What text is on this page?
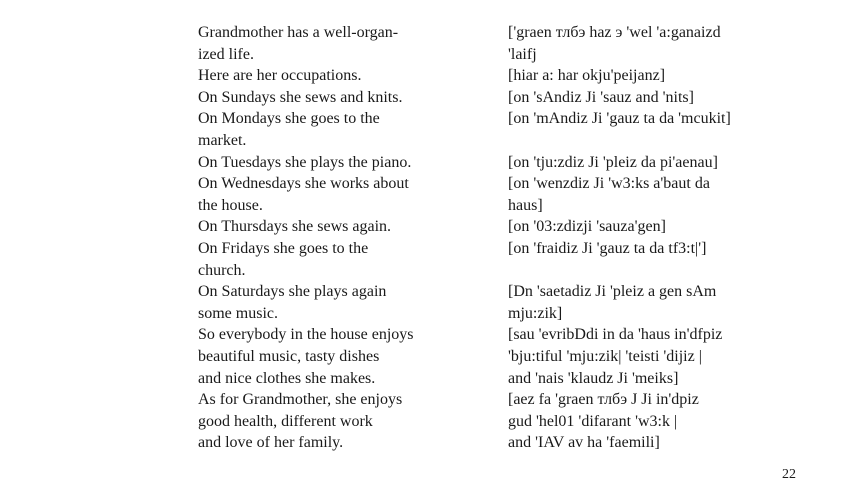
Grandmother has a well-organ-
ized life.
Here are her occupations.
On Sundays she sews and knits.
On Mondays she goes to the
market.
On Tuesdays she plays the piano.
On Wednesdays she works about
the house.
On Thursdays she sews again.
On Fridays she goes to the
church.
On Saturdays she plays again
some music.
So everybody in the house enjoys
beautiful music, tasty dishes
and nice clothes she makes.
As for Grandmother, she enjoys
good health, different work
and love of her family.
['graen тлбэ haz э 'wel 'a:ganaizd
'laifj
[hiar a: har okju'peijanz]
[on 'sAndiz Ji 'sauz and 'nits]
[on 'mAndiz Ji 'gauz ta da 'mcukit]
[on 'tju:zdiz Ji 'pleiz da pi'aenau]
[on 'wenzdiz Ji 'w3:ks a'baut da
haus]
[on '03:zdizji 'sauza'gen]
[on 'fraidiz Ji 'gauz ta da tf3:t|']
[Dn 'saetadiz Ji 'pleiz a gen sAm
mju:zik]
[sau 'evribDdi in da 'haus in'dfpiz
'bju:tiful 'mju:zik| 'teisti 'dijiz |
and 'nais 'klaudz Ji 'meiks]
[aez fa 'graen тлбэ J Ji in'dpiz
gud 'hel01 'difarant 'w3:k |
and 'IAV av ha 'faemili]
22
